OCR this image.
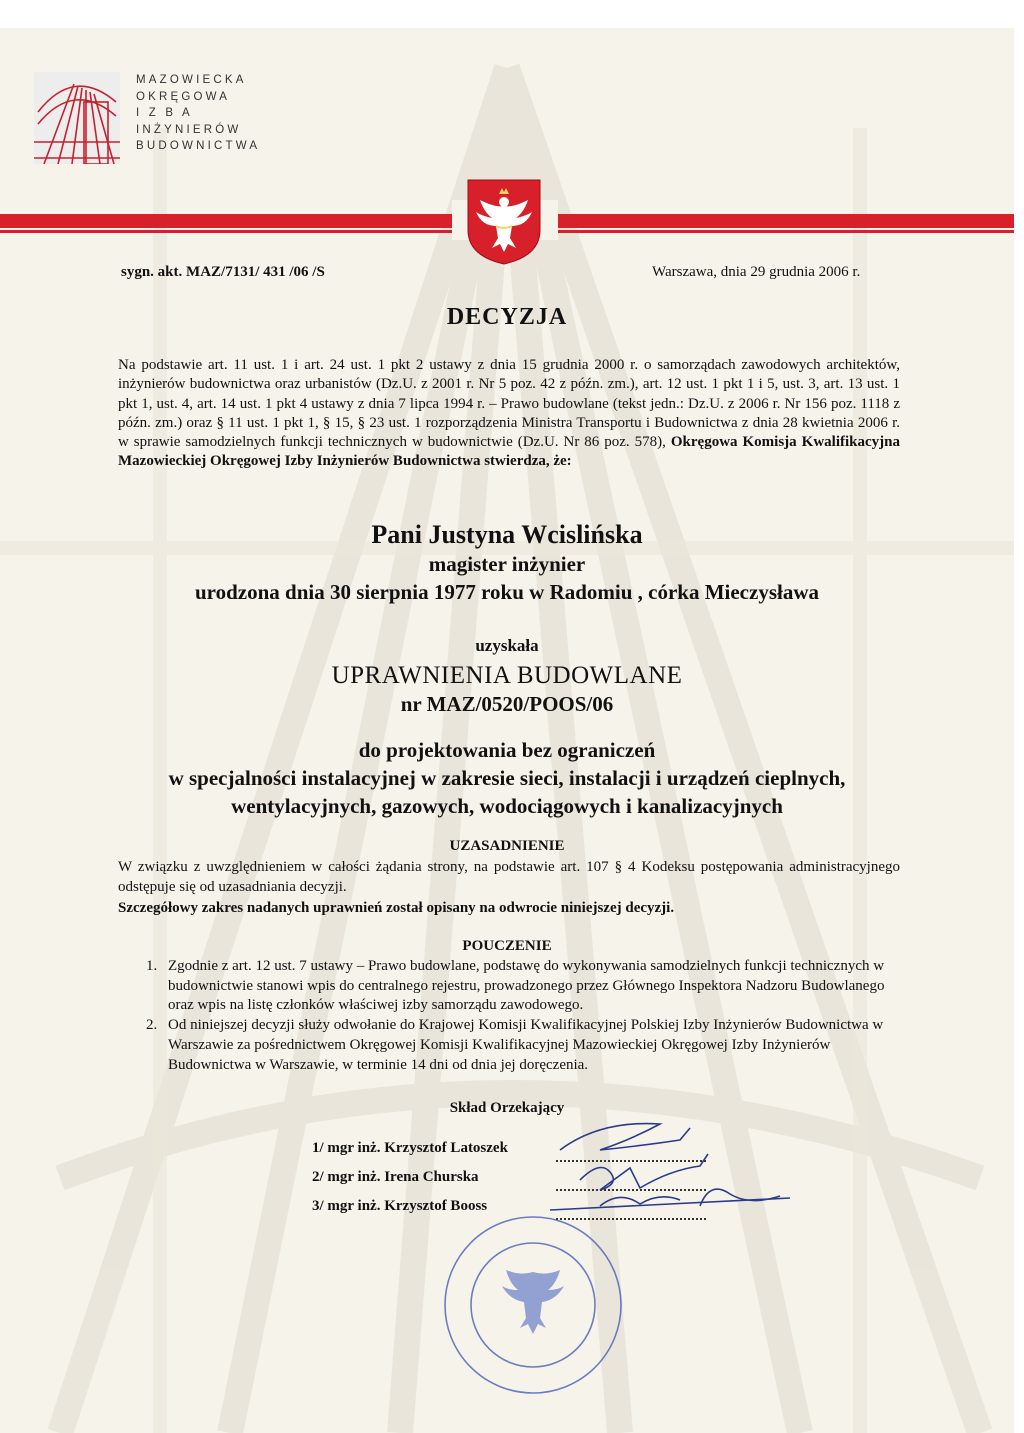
MAZOWIECKA
OKRĘGOWA
I Z B A
INŻYNIERÓW
BUDOWNICTWA
sygn. akt. MAZ/7131/ 431 /06 /S	Warszawa, dnia 29 grudnia 2006 r.
DECYZJA
Na podstawie art. 11 ust. 1 i art. 24 ust. 1 pkt 2 ustawy z dnia 15 grudnia 2000 r. o samorządach zawodowych architektów, inżynierów budownictwa oraz urbanistów (Dz.U. z 2001 r. Nr 5 poz. 42 z późn. zm.), art. 12 ust. 1 pkt 1 i 5, ust. 3, art. 13 ust. 1 pkt 1, ust. 4, art. 14 ust. 1 pkt 4 ustawy z dnia 7 lipca 1994 r. – Prawo budowlane (tekst jedn.: Dz.U. z 2006 r. Nr 156 poz. 1118 z późn. zm.) oraz § 11 ust. 1 pkt 1, § 15, § 23 ust. 1 rozporządzenia Ministra Transportu i Budownictwa z dnia 28 kwietnia 2006 r. w sprawie samodzielnych funkcji technicznych w budownictwie (Dz.U. Nr 86 poz. 578), Okręgowa Komisja Kwalifikacyjna Mazowieckiej Okręgowej Izby Inżynierów Budownictwa stwierdza, że:
Pani Justyna Wcislińska
magister inżynier
urodzona dnia 30 sierpnia 1977 roku w Radomiu , córka Mieczysława
uzyskała
UPRAWNIENIA BUDOWLANE
nr MAZ/0520/POOS/06
do projektowania bez ograniczeń
w specjalności instalacyjnej w zakresie sieci, instalacji i urządzeń cieplnych,
wentylacyjnych, gazowych, wodociągowych i kanalizacyjnych
UZASADNIENIE
W związku z uwzględnieniem w całości żądania strony, na podstawie art. 107 § 4 Kodeksu postępowania administracyjnego odstępuje się od uzasadniania decyzji.
Szczegółowy zakres nadanych uprawnień został opisany na odwrocie niniejszej decyzji.
POUCZENIE
1. Zgodnie z art. 12 ust. 7 ustawy – Prawo budowlane, podstawę do wykonywania samodzielnych funkcji technicznych w budownictwie stanowi wpis do centralnego rejestru, prowadzonego przez Głównego Inspektora Nadzoru Budowlanego oraz wpis na listę członków właściwej izby samorządu zawodowego.
2. Od niniejszej decyzji służy odwołanie do Krajowej Komisji Kwalifikacyjnej Polskiej Izby Inżynierów Budownictwa w Warszawie za pośrednictwem Okręgowej Komisji Kwalifikacyjnej Mazowieckiej Okręgowej Izby Inżynierów Budownictwa w Warszawie, w terminie 14 dni od dnia jej doręczenia.
Skład Orzekający
1/ mgr inż. Krzysztof Latoszek
2/ mgr inż. Irena Churska
3/ mgr inż. Krzysztof Booss
